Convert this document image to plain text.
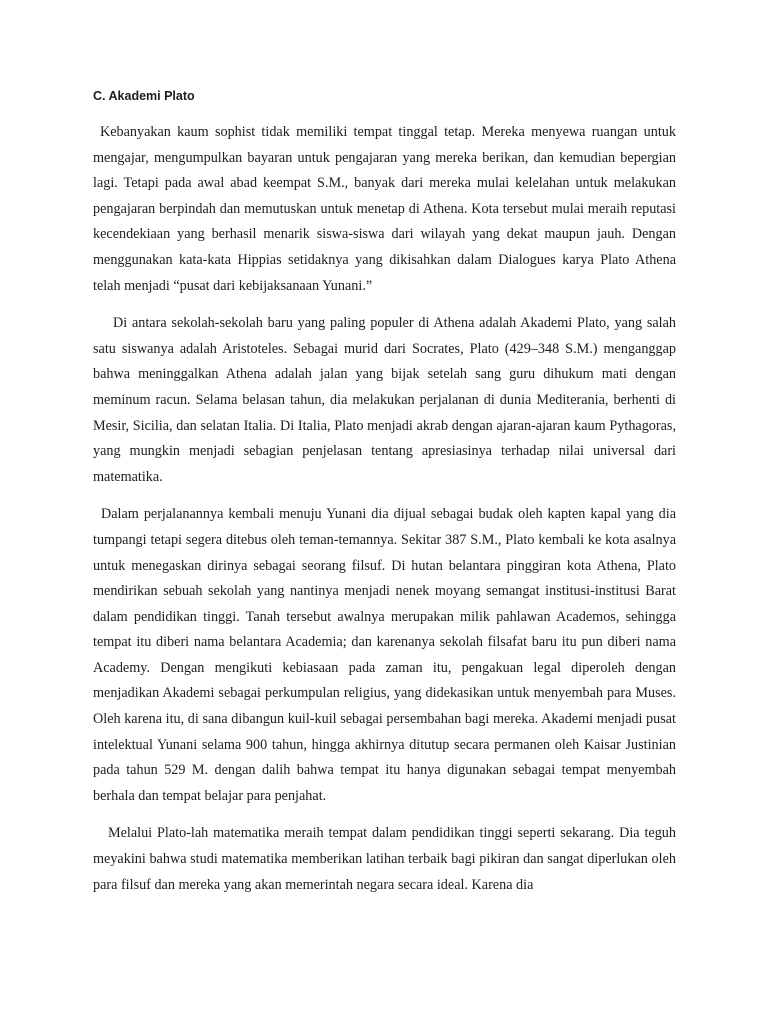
C. Akademi Plato

Kebanyakan kaum sophist tidak memiliki tempat tinggal tetap. Mereka menyewa ruangan untuk mengajar, mengumpulkan bayaran untuk pengajaran yang mereka berikan, dan kemudian bepergian lagi. Tetapi pada awal abad keempat S.M., banyak dari mereka mulai kelelahan untuk melakukan pengajaran berpindah dan memutuskan untuk menetap di Athena. Kota tersebut mulai meraih reputasi kecendekiaan yang berhasil menarik siswa-siswa dari wilayah yang dekat maupun jauh. Dengan menggunakan kata-kata Hippias setidaknya yang dikisahkan dalam Dialogues karya Plato Athena telah menjadi “pusat dari kebijaksanaan Yunani.”

Di antara sekolah-sekolah baru yang paling populer di Athena adalah Akademi Plato, yang salah satu siswanya adalah Aristoteles. Sebagai murid dari Socrates, Plato (429–348 S.M.) menganggap bahwa meninggalkan Athena adalah jalan yang bijak setelah sang guru dihukum mati dengan meminum racun. Selama belasan tahun, dia melakukan perjalanan di dunia Mediterania, berhenti di Mesir, Sicilia, dan selatan Italia. Di Italia, Plato menjadi akrab dengan ajaran-ajaran kaum Pythagoras, yang mungkin menjadi sebagian penjelasan tentang apresiasinya terhadap nilai universal dari matematika.

Dalam perjalanannya kembali menuju Yunani dia dijual sebagai budak oleh kapten kapal yang dia tumpangi tetapi segera ditebus oleh teman-temannya. Sekitar 387 S.M., Plato kembali ke kota asalnya untuk menegaskan dirinya sebagai seorang filsuf. Di hutan belantara pinggiran kota Athena, Plato mendirikan sebuah sekolah yang nantinya menjadi nenek moyang semangat institusi-institusi Barat dalam pendidikan tinggi. Tanah tersebut awalnya merupakan milik pahlawan Academos, sehingga tempat itu diberi nama belantara Academia; dan karenanya sekolah filsafat baru itu pun diberi nama Academy. Dengan mengikuti kebiasaan pada zaman itu, pengakuan legal diperoleh dengan menjadikan Akademi sebagai perkumpulan religius, yang didekasikan untuk menyembah para Muses. Oleh karena itu, di sana dibangun kuil-kuil sebagai persembahan bagi mereka. Akademi menjadi pusat intelektual Yunani selama 900 tahun, hingga akhirnya ditutup secara permanen oleh Kaisar Justinian pada tahun 529 M. dengan dalih bahwa tempat itu hanya digunakan sebagai tempat menyembah berhala dan tempat belajar para penjahat.

Melalui Plato-lah matematika meraih tempat dalam pendidikan tinggi seperti sekarang. Dia teguh meyakini bahwa studi matematika memberikan latihan terbaik bagi pikiran dan sangat diperlukan oleh para filsuf dan mereka yang akan memerintah negara secara ideal. Karena dia
